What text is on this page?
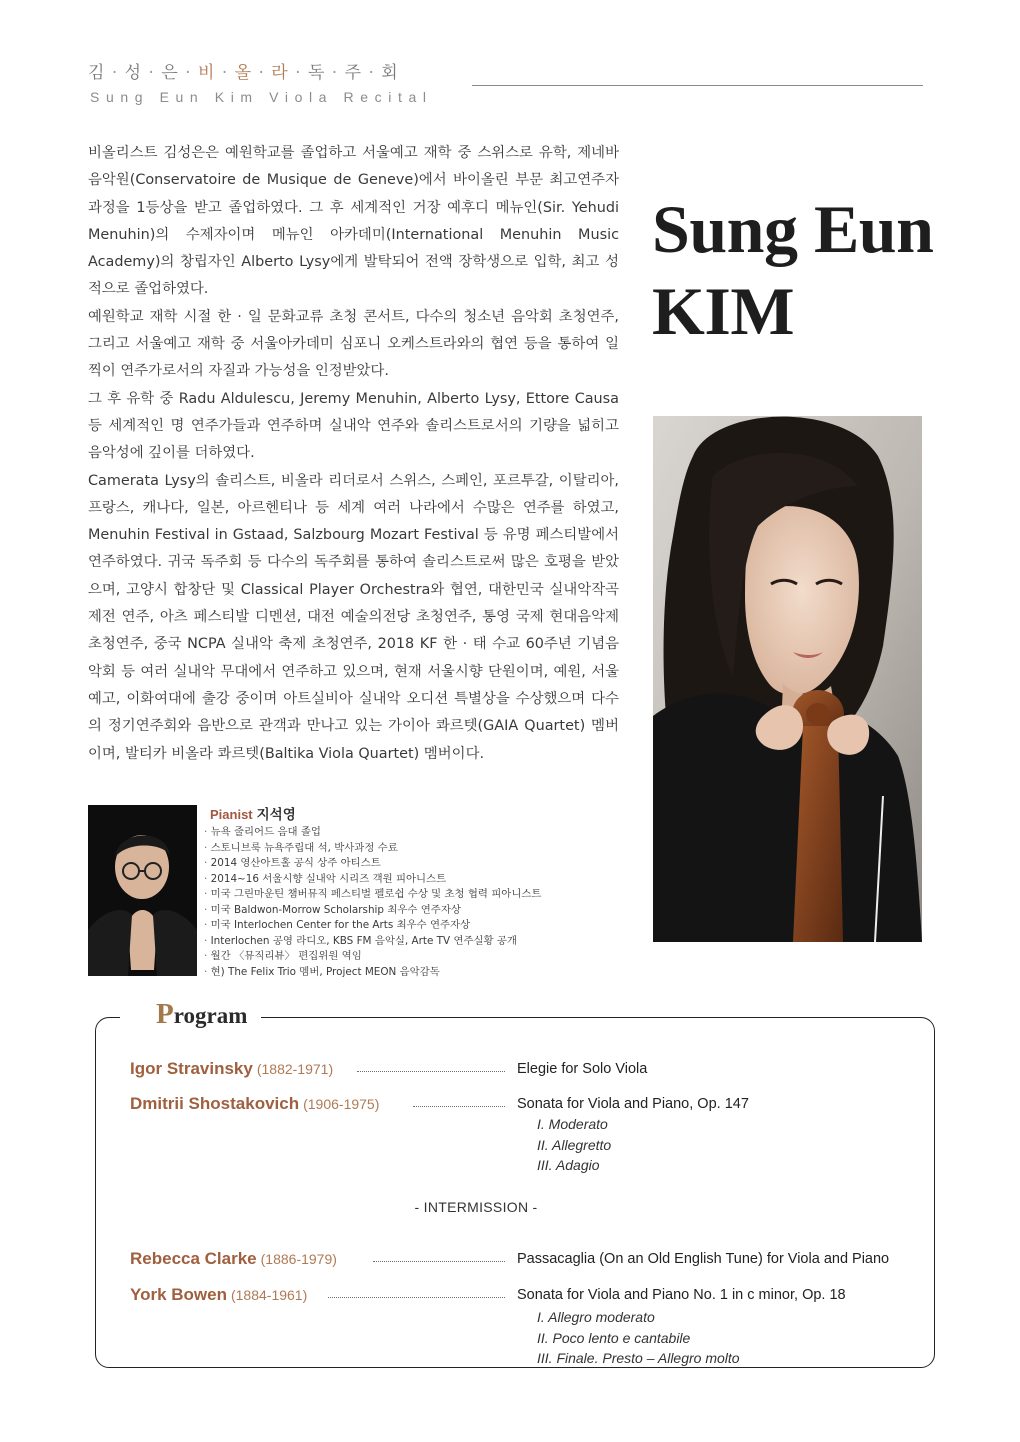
김 · 성 · 은 · 비 · 올 · 라 · 독 · 주 · 회
Sung Eun Kim Viola Recital

비올리스트 김성은은 예원학교를 졸업하고 서울예고 재학 중 스위스로 유학, 제네바 음악원(Conservatoire de Musique de Geneve)에서 바이올린 부문 최고연주자 과정을 1등상을 받고 졸업하였다. 그 후 세계적인 거장 예후디 메뉴인(Sir. Yehudi Menuhin)의 수제자이며 메뉴인 아카데미(International Menuhin Music Academy)의 창립자인 Alberto Lysy에게 발탁되어 전액 장학생으로 입학, 최고 성적으로 졸업하였다.

예원학교 재학 시절 한 · 일 문화교류 초청 콘서트, 다수의 청소년 음악회 초청연주, 그리고 서울예고 재학 중 서울아카데미 심포니 오케스트라와의 협연 등을 통하여 일찍이 연주가로서의 자질과 가능성을 인정받았다.

그 후 유학 중 Radu Aldulescu, Jeremy Menuhin, Alberto Lysy, Ettore Causa 등 세계적인 명 연주가들과 연주하며 실내악 연주와 솔리스트로서의 기량을 넓히고 음악성에 깊이를 더하였다.

Camerata Lysy의 솔리스트, 비올라 리더로서 스위스, 스페인, 포르투갈, 이탈리아, 프랑스, 캐나다, 일본, 아르헨티나 등 세계 여러 나라에서 수많은 연주를 하였고, Menuhin Festival in Gstaad, Salzbourg Mozart Festival 등 유명 페스티발에서 연주하였다. 귀국 독주회 등 다수의 독주회를 통하여 솔리스트로써 많은 호평을 받았으며, 고양시 합창단 및 Classical Player Orchestra와 협연, 대한민국 실내악작곡 제전 연주, 아츠 페스티발 디멘션, 대전 예술의전당 초청연주, 통영 국제 현대음악제 초청연주, 중국 NCPA 실내악 축제 초청연주, 2018 KF 한 · 태 수교 60주년 기념음악회 등 여러 실내악 무대에서 연주하고 있으며, 현재 서울시향 단원이며, 예원, 서울예고, 이화여대에 출강 중이며 아트실비아 실내악 오디션 특별상을 수상했으며 다수의 정기연주회와 음반으로 관객과 만나고 있는 가이아 콰르텟(GAIA Quartet) 멤버이며, 발티카 비올라 콰르텟(Baltika Viola Quartet) 멤버이다.

Sung Eun
KIM
Pianist 지석영
· 뉴욕 줄리어드 음대 졸업
· 스토니브룩 뉴욕주립대 석, 박사과정 수료
· 2014 영산아트홀 공식 상주 아티스트
· 2014~16 서울시향 실내악 시리즈 객원 피아니스트
· 미국 그린마운틴 챔버뮤직 페스티벌 펠로쉽 수상 및 초청 협력 피아니스트
· 미국 Baldwon-Morrow Scholarship 최우수 연주자상
· 미국 Interlochen Center for the Arts 최우수 연주자상
· Interlochen 공영 라디오, KBS FM 음악실, Arte TV 연주실황 공개
· 월간 〈뮤직리뷰〉 편집위원 역임
· 현) The Felix Trio 멤버, Project MEON 음악감독
Program
Igor Stravinsky (1882-1971)	Elegie for Solo Viola
Dmitrii Shostakovich (1906-1975)	Sonata for Viola and Piano, Op. 147
I. Moderato
II. Allegretto
III. Adagio
- INTERMISSION -
Rebecca Clarke (1886-1979)	Passacaglia (On an Old English Tune) for Viola and Piano
York Bowen (1884-1961)	Sonata for Viola and Piano No. 1 in c minor, Op. 18
I. Allegro moderato
II. Poco lento e cantabile
III. Finale. Presto – Allegro molto
